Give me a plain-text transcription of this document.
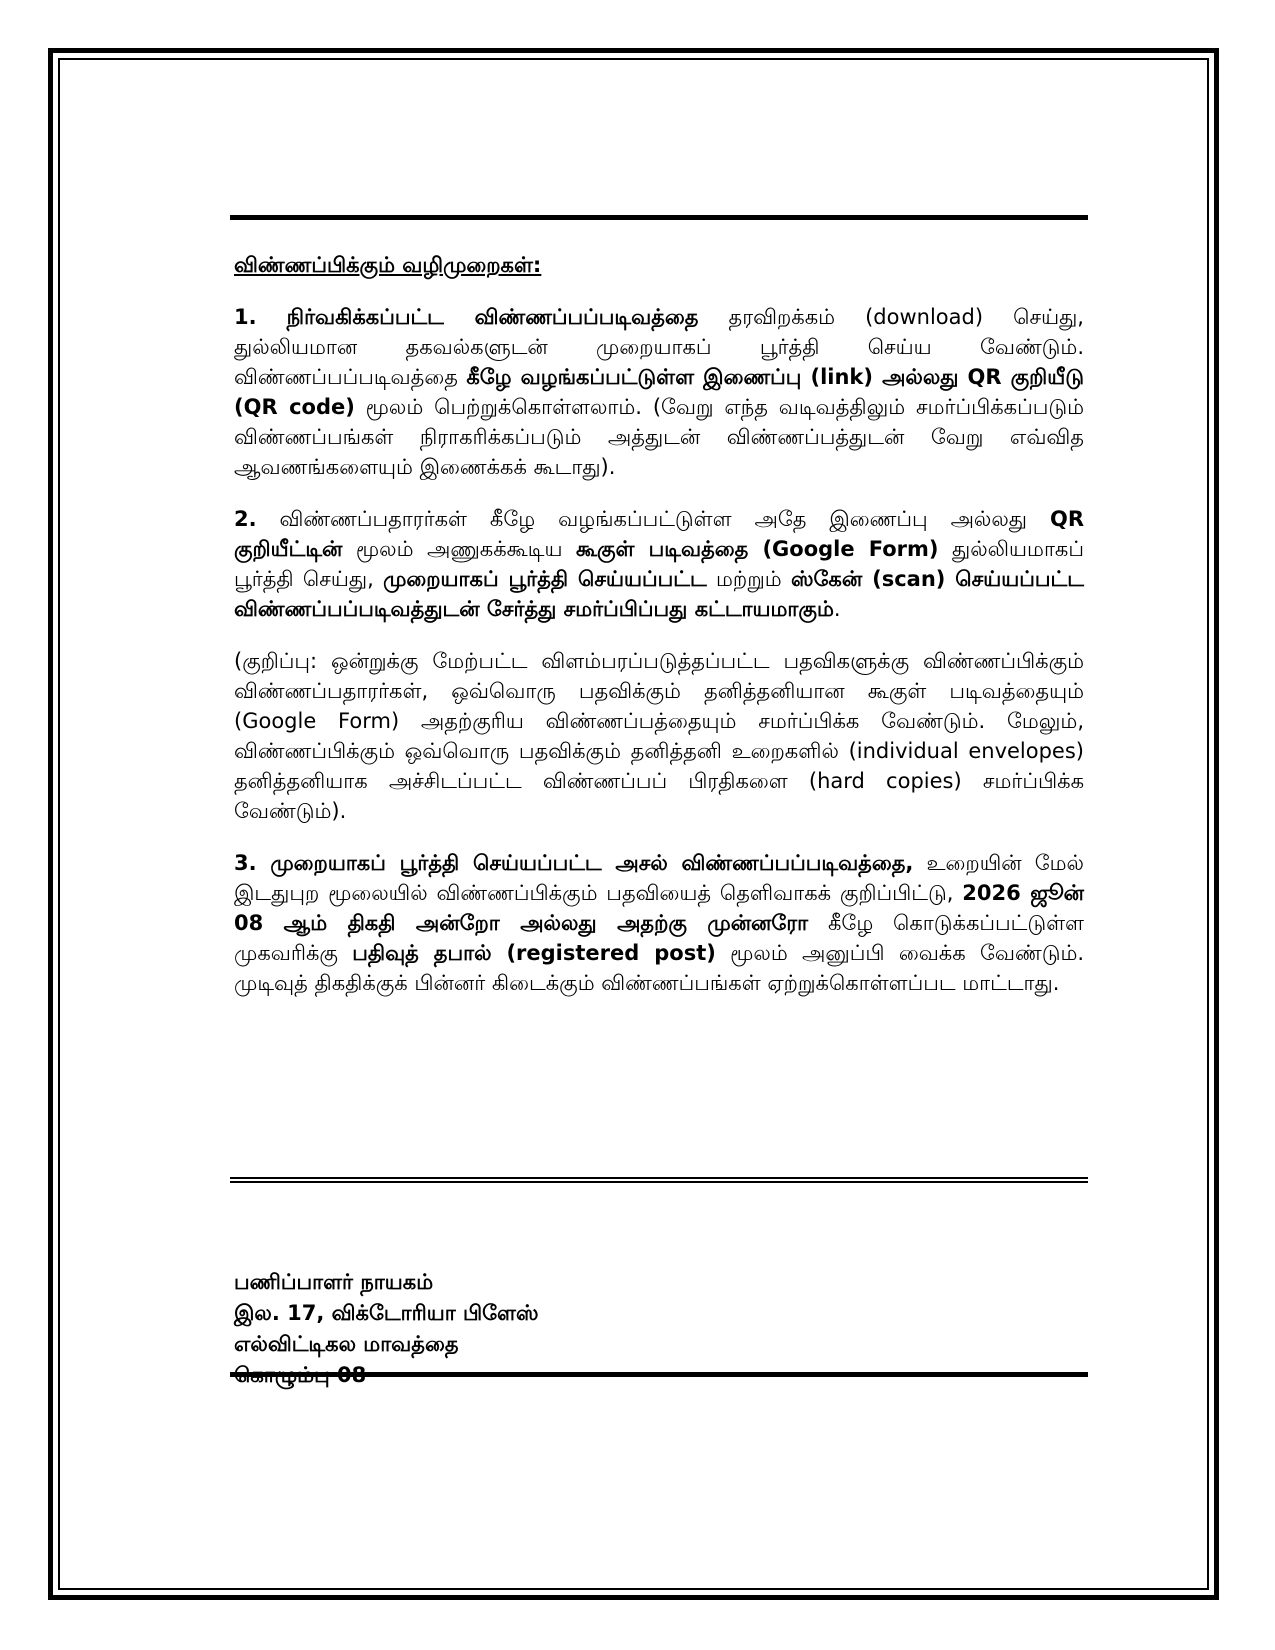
விண்ணப்பிக்கும் வழிமுறைகள்:

1. நிர்வகிக்கப்பட்ட விண்ணப்பப்படிவத்தை தரவிறக்கம் (download) செய்து, துல்லியமான தகவல்களுடன் முறையாகப் பூர்த்தி செய்ய வேண்டும். விண்ணப்பப்படிவத்தை கீழே வழங்கப்பட்டுள்ள இணைப்பு (link) அல்லது QR குறியீடு (QR code) மூலம் பெற்றுக்கொள்ளலாம். (வேறு எந்த வடிவத்திலும் சமர்ப்பிக்கப்படும் விண்ணப்பங்கள் நிராகரிக்கப்படும் அத்துடன் விண்ணப்பத்துடன் வேறு எவ்வித ஆவணங்களையும் இணைக்கக் கூடாது).

2. விண்ணப்பதாரர்கள் கீழே வழங்கப்பட்டுள்ள அதே இணைப்பு அல்லது QR குறியீட்டின் மூலம் அணுகக்கூடிய கூகுள் படிவத்தை (Google Form) துல்லியமாகப் பூர்த்தி செய்து, முறையாகப் பூர்த்தி செய்யப்பட்ட மற்றும் ஸ்கேன் (scan) செய்யப்பட்ட விண்ணப்பப்படிவத்துடன் சேர்த்து சமர்ப்பிப்பது கட்டாயமாகும்.

(குறிப்பு: ஒன்றுக்கு மேற்பட்ட விளம்பரப்படுத்தப்பட்ட பதவிகளுக்கு விண்ணப்பிக்கும் விண்ணப்பதாரர்கள், ஒவ்வொரு பதவிக்கும் தனித்தனியான கூகுள் படிவத்தையும் (Google Form) அதற்குரிய விண்ணப்பத்தையும் சமர்ப்பிக்க வேண்டும். மேலும், விண்ணப்பிக்கும் ஒவ்வொரு பதவிக்கும் தனித்தனி உறைகளில் (individual envelopes) தனித்தனியாக அச்சிடப்பட்ட விண்ணப்பப் பிரதிகளை (hard copies) சமர்ப்பிக்க வேண்டும்).

3. முறையாகப் பூர்த்தி செய்யப்பட்ட அசல் விண்ணப்பப்படிவத்தை, உறையின் மேல் இடதுபுற மூலையில் விண்ணப்பிக்கும் பதவியைத் தெளிவாகக் குறிப்பிட்டு, 2026 ஜூன் 08 ஆம் திகதி அன்றோ அல்லது அதற்கு முன்னரோ கீழே கொடுக்கப்பட்டுள்ள முகவரிக்கு பதிவுத் தபால் (registered post) மூலம் அனுப்பி வைக்க வேண்டும். முடிவுத் திகதிக்குக் பின்னர் கிடைக்கும் விண்ணப்பங்கள் ஏற்றுக்கொள்ளப்பட மாட்டாது.

பணிப்பாளர் நாயகம்
இல. 17, விக்டோரியா பிளேஸ்
எல்விட்டிகல மாவத்தை
